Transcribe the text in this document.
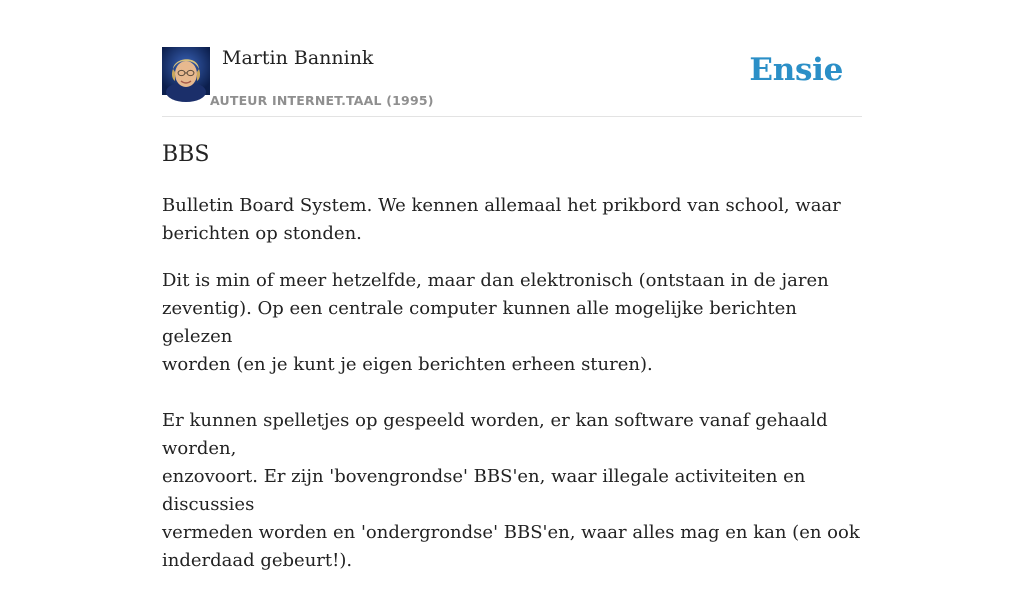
Martin Bannink
AUTEUR INTERNET.TAAL (1995)
Ensie
BBS

Bulletin Board System. We kennen allemaal het prikbord van school, waar
berichten op stonden.

Dit is min of meer hetzelfde, maar dan elektronisch (ontstaan in de jaren
zeventig). Op een centrale computer kunnen alle mogelijke berichten gelezen
worden (en je kunt je eigen berichten erheen sturen).

Er kunnen spelletjes op gespeeld worden, er kan software vanaf gehaald worden,
enzovoort. Er zijn 'bovengrondse' BBS'en, waar illegale activiteiten en discussies
vermeden worden en 'ondergrondse' BBS'en, waar alles mag en kan (en ook
inderdaad gebeurt!).
